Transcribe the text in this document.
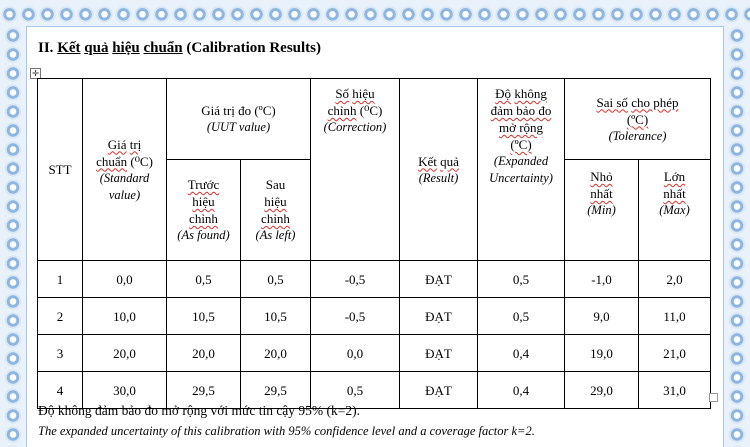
II. Kết quả hiệu chuẩn (Calibration Results)
✛
STT	Giá trị
chuẩn (⁰C)
(Standard value)	Giá trị đo (ºC)
(UUT value)		Số hiệu
chỉnh (⁰C)
(Correction)	Kết quả
(Result)	Độ không
đảm bảo đo
mở rộng
(ºC)
(Expanded Uncertainty)	Sai số cho phép
(ºC)
(Tolerance)	

		Trước
hiệu
chỉnh
(As found)	Sau
hiệu
chỉnh
(As left)				Nhỏ
nhất
(Min)	Lớn
nhất
(Max)

1	0,0	0,5	0,5	-0,5	ĐẠT	0,5	-1,0	2,0
2	10,0	10,5	10,5	-0,5	ĐẠT	0,5	9,0	11,0
3	20,0	20,0	20,0	0,0	ĐẠT	0,4	19,0	21,0
4	30,0	29,5	29,5	0,5	ĐẠT	0,4	29,0	31,0
Độ không đảm bảo đo mở rộng với mức tin cậy 95% (k=2).
The expanded uncertainty of this calibration with 95% confidence level and a coverage factor k=2.
